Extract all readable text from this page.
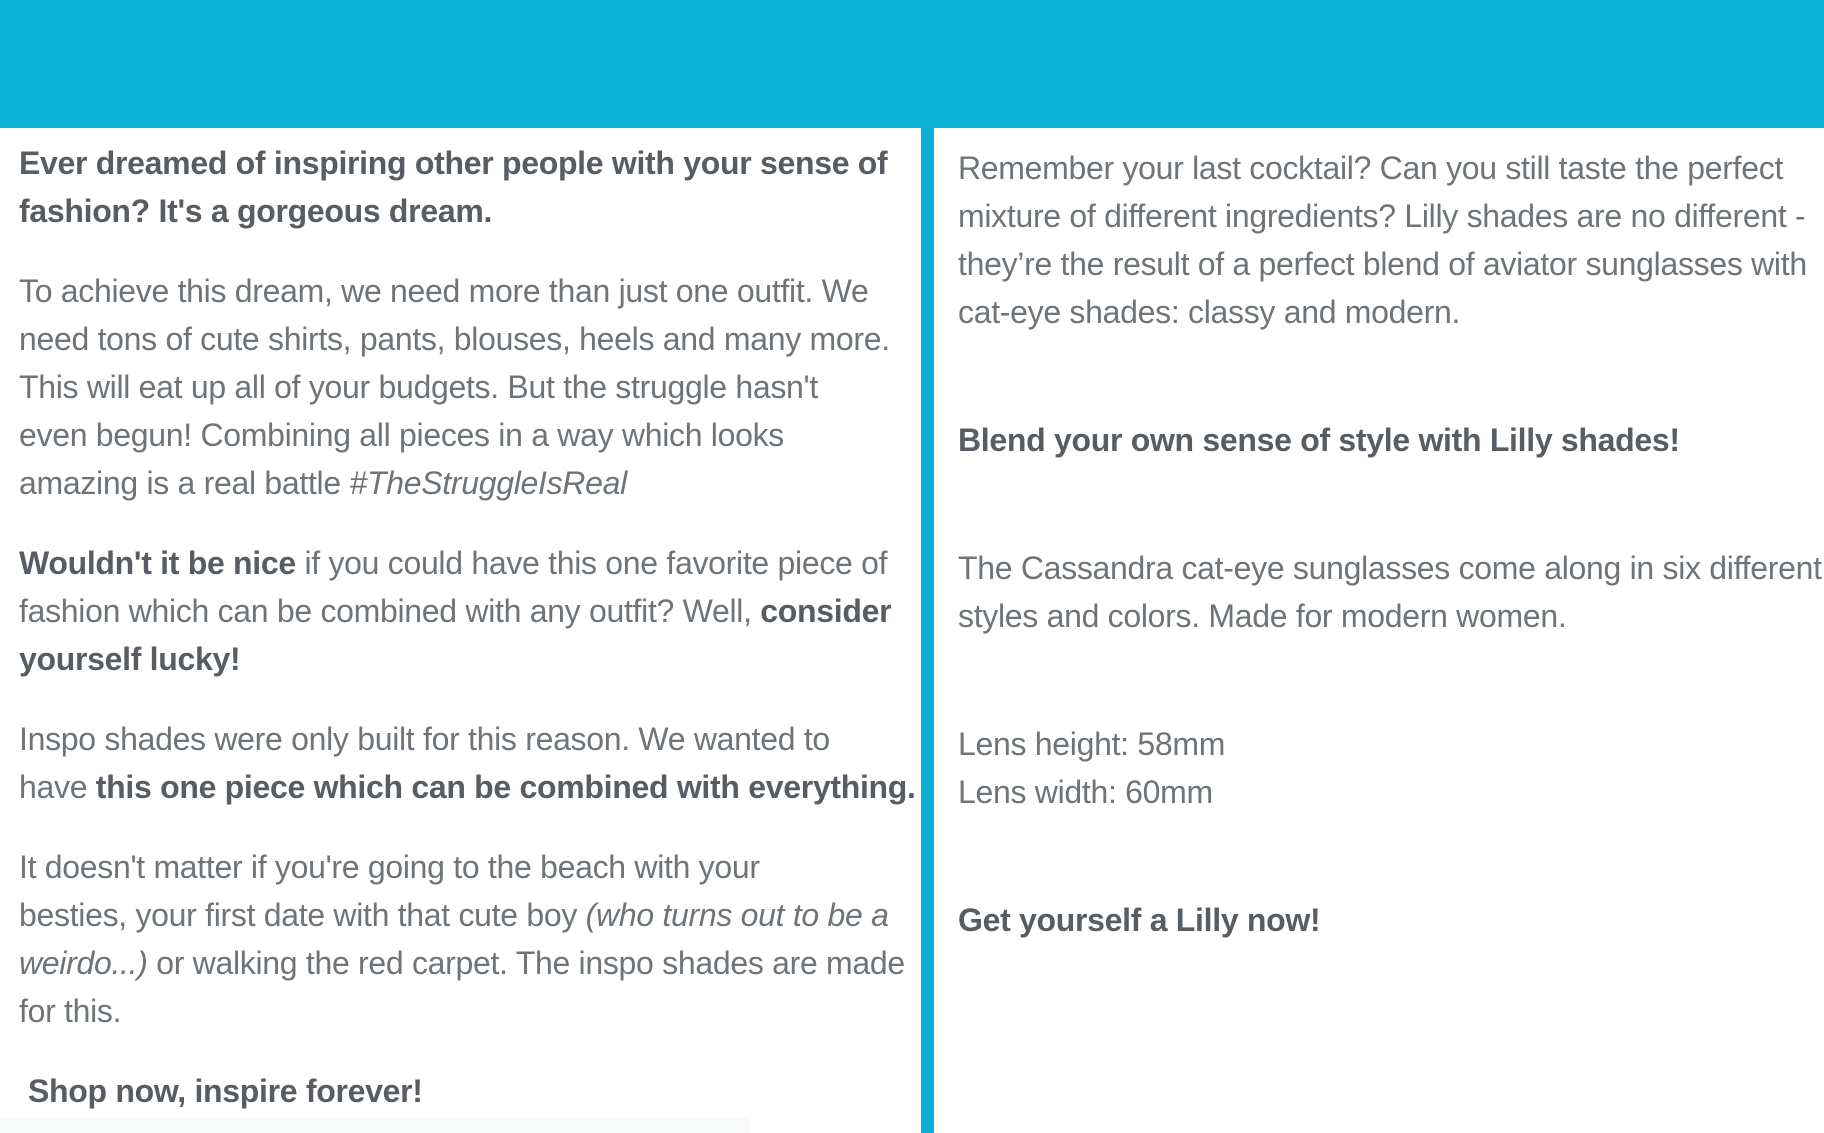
Ever dreamed of inspiring other people with your sense of
fashion? It's a gorgeous dream.
To achieve this dream, we need more than just one outfit. We
need tons of cute shirts, pants, blouses, heels and many more.
This will eat up all of your budgets. But the struggle hasn't
even begun! Combining all pieces in a way which looks
amazing is a real battle #TheStruggleIsReal
Wouldn't it be nice if you could have this one favorite piece of
fashion which can be combined with any outfit? Well, consider
yourself lucky!
Inspo shades were only built for this reason. We wanted to
have this one piece which can be combined with everything.
It doesn't matter if you're going to the beach with your
besties, your first date with that cute boy (who turns out to be a
weirdo...) or walking the red carpet. The inspo shades are made
for this.
Shop now, inspire forever!
Remember your last cocktail? Can you still taste the perfect
mixture of different ingredients? Lilly shades are no different -
they’re the result of a perfect blend of aviator sunglasses with
cat-eye shades: classy and modern.
Blend your own sense of style with Lilly shades!
The Cassandra cat-eye sunglasses come along in six different
styles and colors. Made for modern women.
Lens height: 58mm
Lens width: 60mm
Get yourself a Lilly now!
